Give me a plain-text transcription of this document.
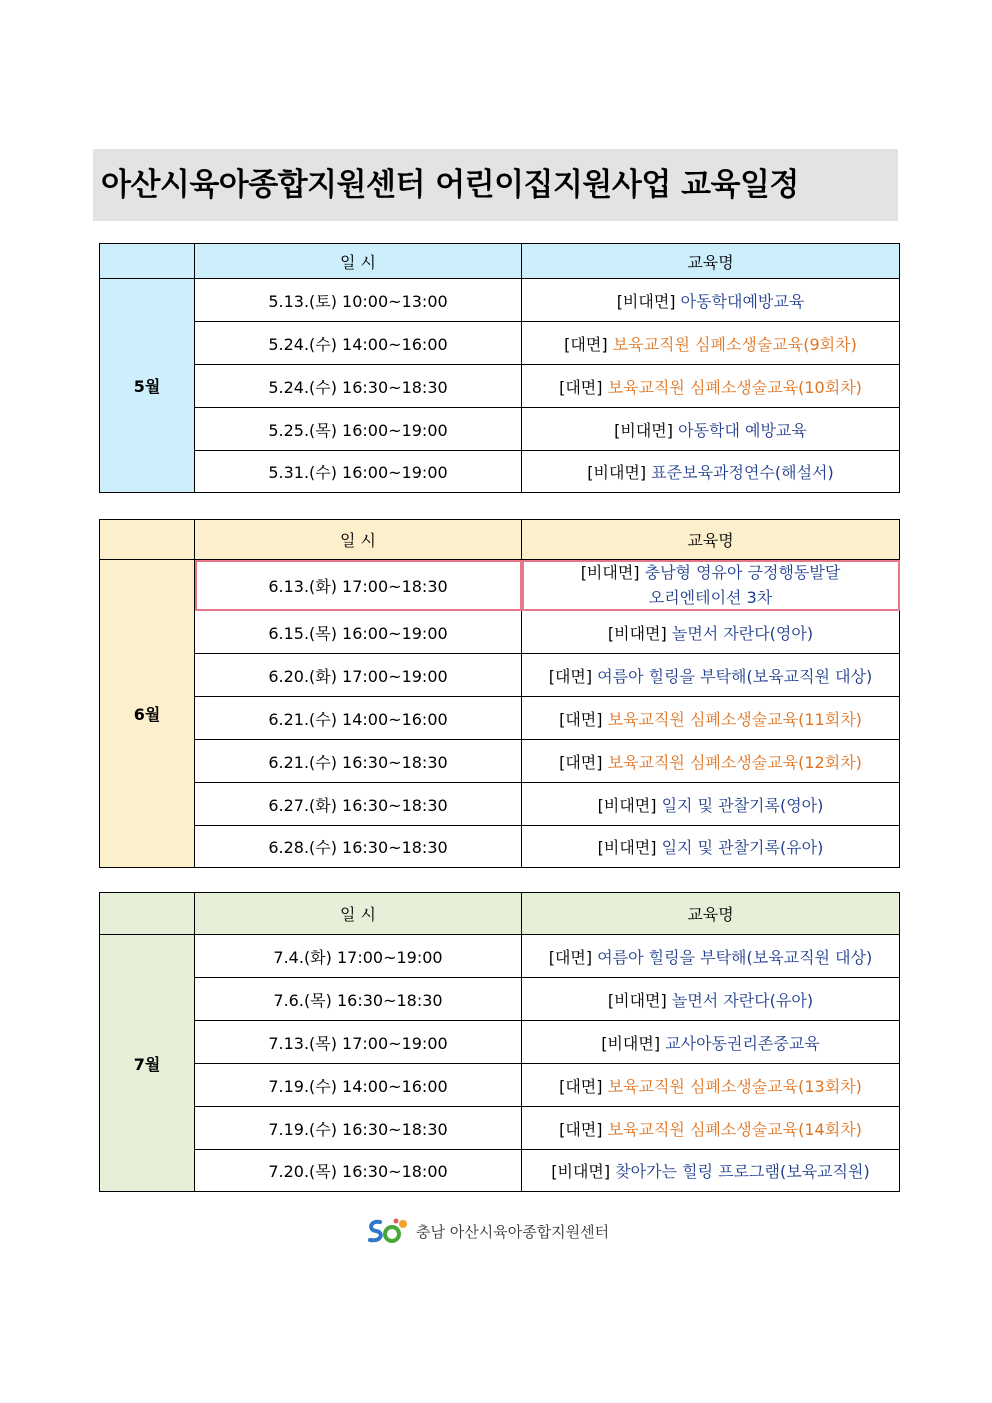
아산시육아종합지원센터 어린이집지원사업 교육일정
	일 시	교육명
5월	5.13.(토) 10:00~13:00	[비대면] 아동학대예방교육
	5.24.(수) 14:00~16:00	[대면] 보육교직원 심폐소생술교육(9회차)
	5.24.(수) 16:30~18:30	[대면] 보육교직원 심폐소생술교육(10회차)
	5.25.(목) 16:00~19:00	[비대면] 아동학대 예방교육
	5.31.(수) 16:00~19:00	[비대면] 표준보육과정연수(해설서)
	일 시	교육명
6월	6.13.(화) 17:00~18:30	[비대면] 충남형 영유아 긍정행동발달
오리엔테이션 3차
	6.15.(목) 16:00~19:00	[비대면] 놀면서 자란다(영아)
	6.20.(화) 17:00~19:00	[대면] 여름아 힐링을 부탁해(보육교직원 대상)
	6.21.(수) 14:00~16:00	[대면] 보육교직원 심폐소생술교육(11회차)
	6.21.(수) 16:30~18:30	[대면] 보육교직원 심폐소생술교육(12회차)
	6.27.(화) 16:30~18:30	[비대면] 일지 및 관찰기록(영아)
	6.28.(수) 16:30~18:30	[비대면] 일지 및 관찰기록(유아)
	일 시	교육명
7월	7.4.(화) 17:00~19:00	[대면] 여름아 힐링을 부탁해(보육교직원 대상)
	7.6.(목) 16:30~18:30	[비대면] 놀면서 자란다(유아)
	7.13.(목) 17:00~19:00	[비대면] 교사아동권리존중교육
	7.19.(수) 14:00~16:00	[대면] 보육교직원 심폐소생술교육(13회차)
	7.19.(수) 16:30~18:30	[대면] 보육교직원 심폐소생술교육(14회차)
	7.20.(목) 16:30~18:00	[비대면] 찾아가는 힐링 프로그램(보육교직원)
충남 아산시육아종합지원센터
